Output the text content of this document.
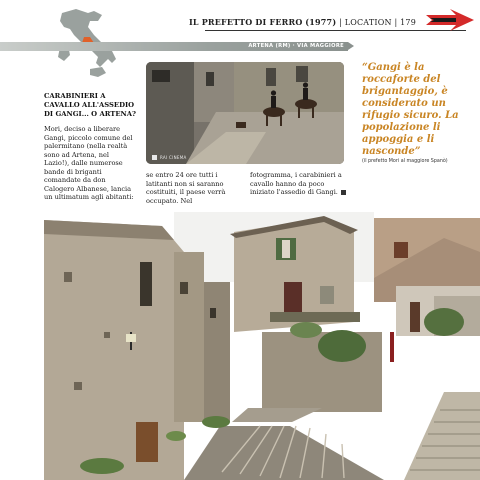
IL PREFETTO DI FERRO (1977) | LOCATION | 179
ARTENA (RM) · VIA MAGGIORE
RAI CINEMA
CARABINIERI A CAVALLO ALL'ASSEDIO DI GANGI... O ARTENA?
Mori, deciso a liberare Gangi, piccolo comune del palermitano (nella realtà sono ad Artena, nel Lazio!), dalle numerose bande di briganti comandate da don Calogero Albanese, lancia un ultimatum agli abitanti:
se entro 24 ore tutti i latitanti non si saranno costituiti, il paese verrà occupato. Nel
fotogramma, i carabinieri a cavallo hanno da poco iniziato l'assedio di Gangi.
“Gangi è la roccaforte del brigantaggio, è considerato un rifugio sicuro. La popolazione li appoggia e li nasconde”
(il prefetto Mori al maggiore Spanò)
